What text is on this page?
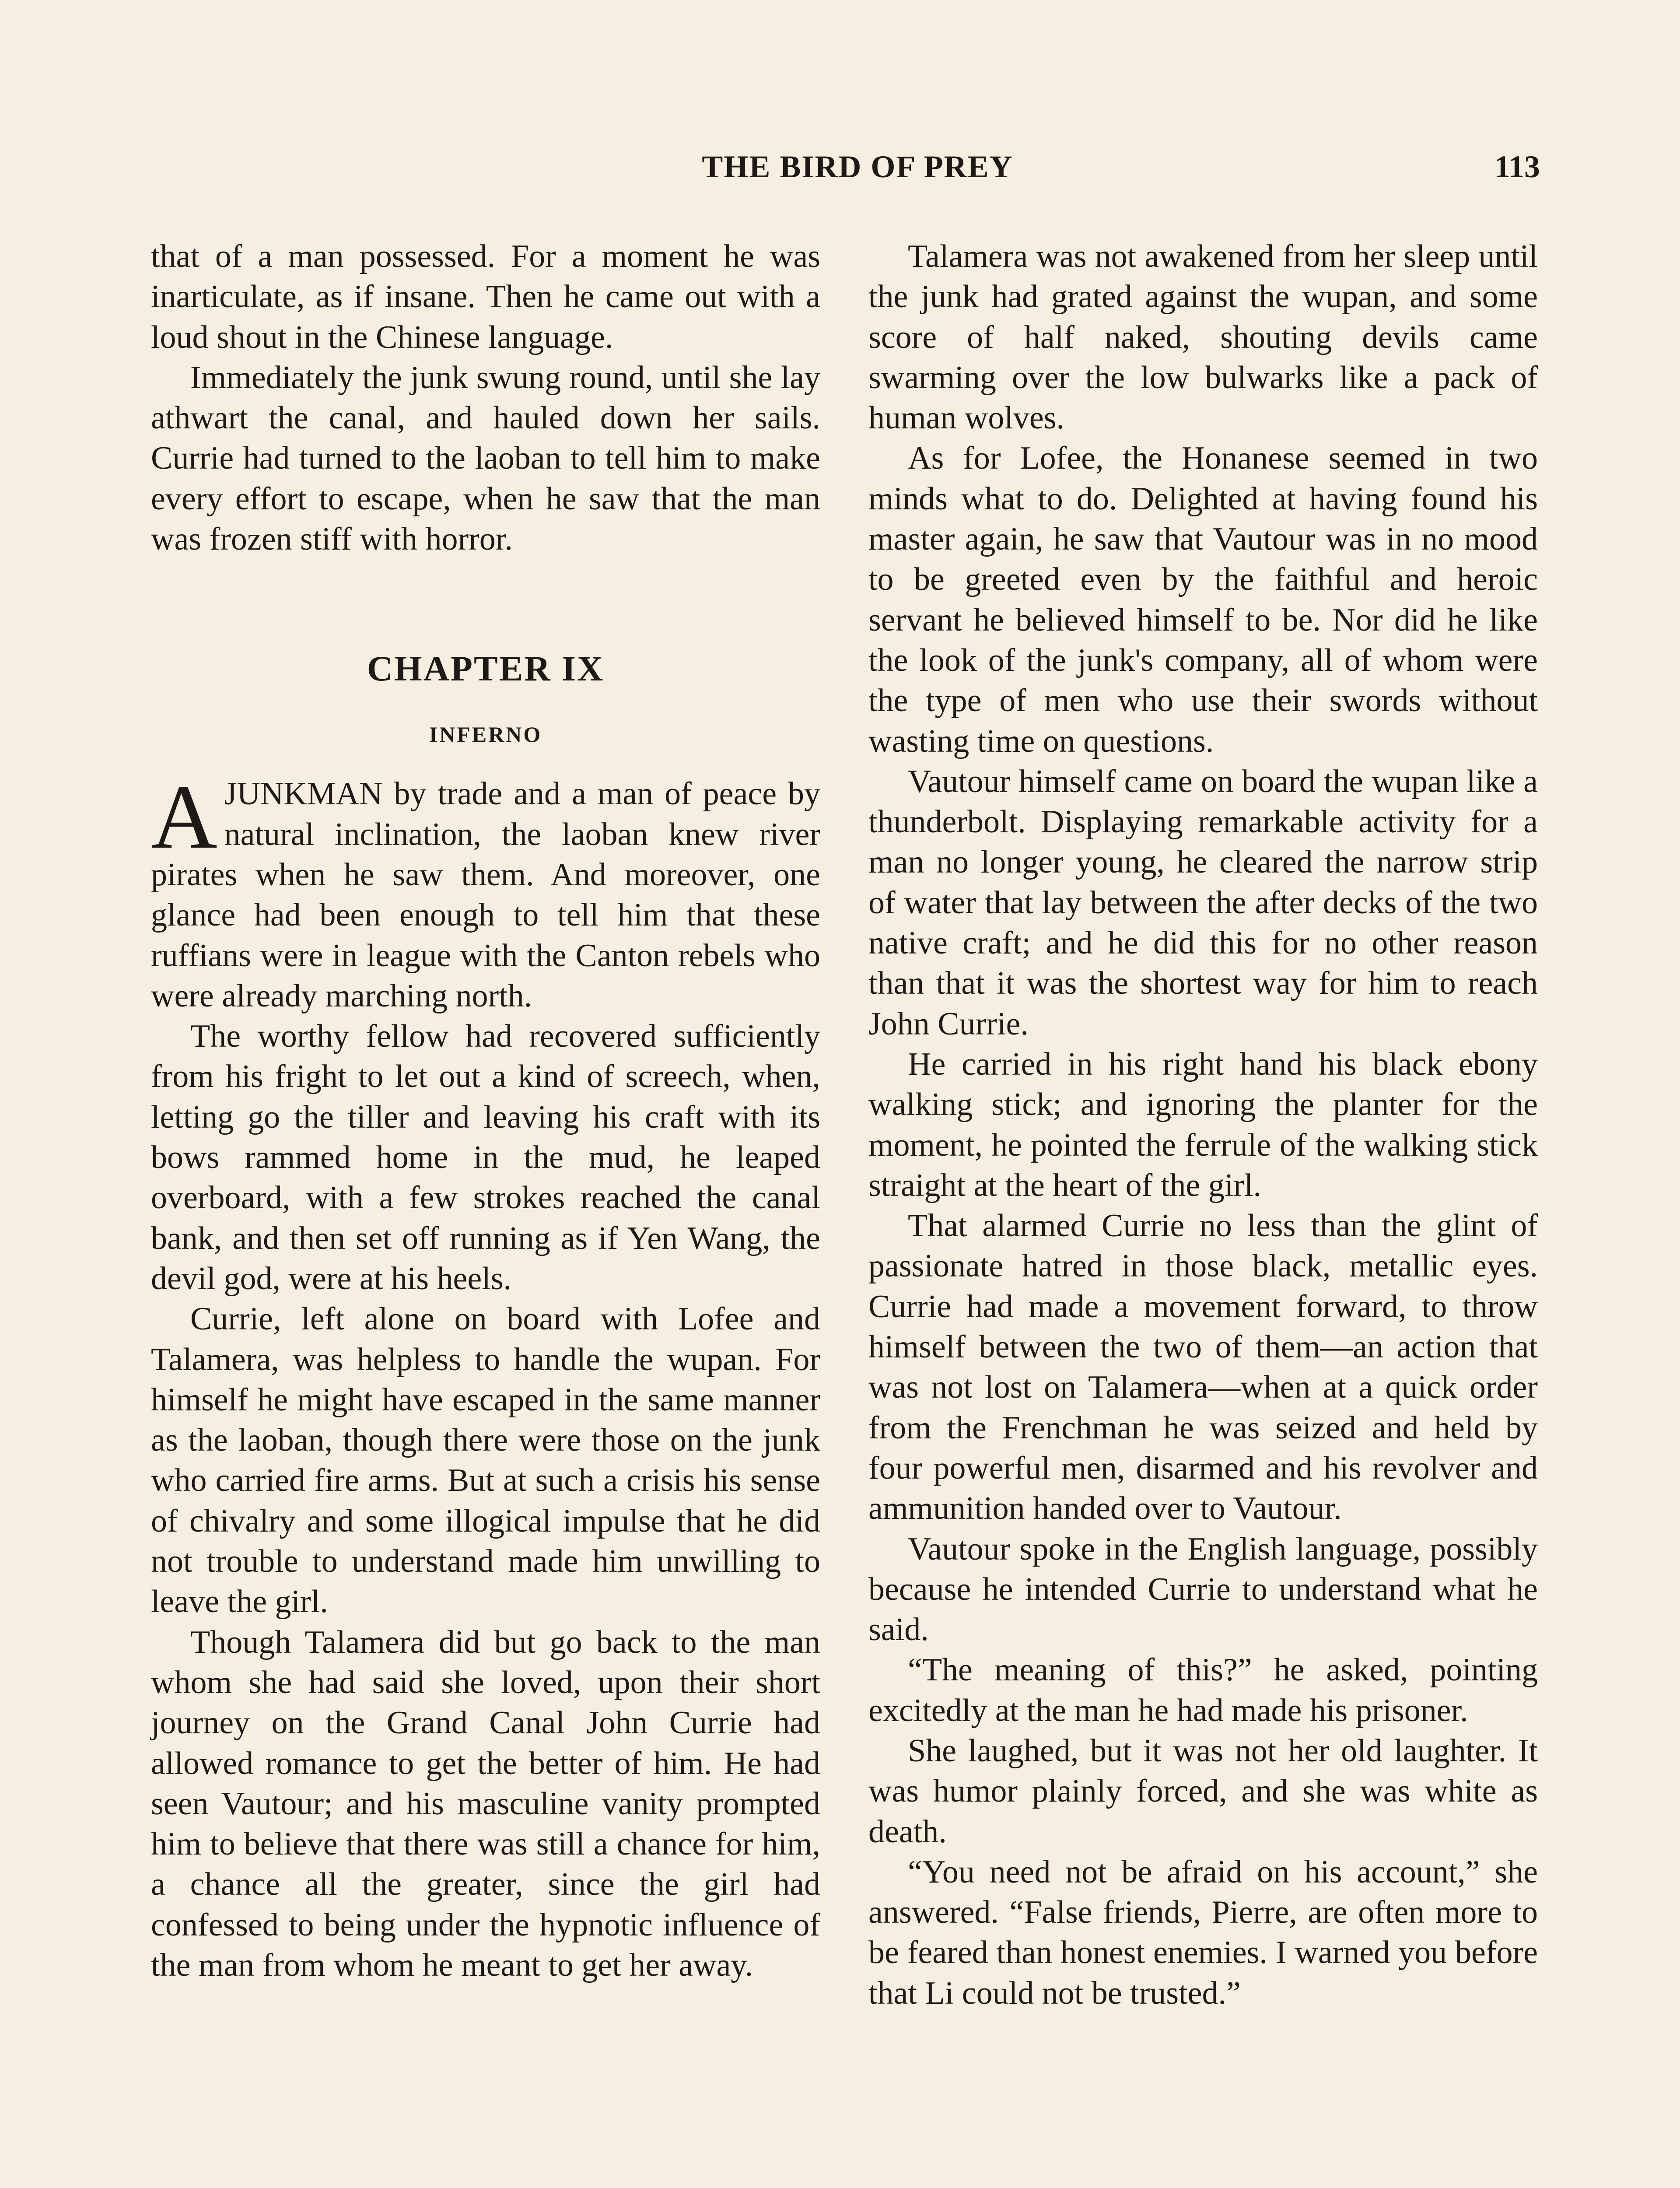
THE BIRD OF PREY	113

that of a man possessed. For a moment he was inarticulate, as if insane. Then he came out with a loud shout in the Chinese language.

Immediately the junk swung round, until she lay athwart the canal, and hauled down her sails. Currie had turned to the laoban to tell him to make every effort to escape, when he saw that the man was frozen stiff with horror.

CHAPTER IX
INFERNO

AJUNKMAN by trade and a man of peace by natural inclination, the laoban knew river pirates when he saw them. And moreover, one glance had been enough to tell him that these ruffians were in league with the Canton rebels who were already marching north.

The worthy fellow had recovered sufficiently from his fright to let out a kind of screech, when, letting go the tiller and leaving his craft with its bows rammed home in the mud, he leaped overboard, with a few strokes reached the canal bank, and then set off running as if Yen Wang, the devil god, were at his heels.

Currie, left alone on board with Lofee and Talamera, was helpless to handle the wupan. For himself he might have escaped in the same manner as the laoban, though there were those on the junk who carried fire arms. But at such a crisis his sense of chivalry and some illogical impulse that he did not trouble to understand made him unwilling to leave the girl.

Though Talamera did but go back to the man whom she had said she loved, upon their short journey on the Grand Canal John Currie had allowed romance to get the better of him. He had seen Vautour; and his masculine vanity prompted him to believe that there was still a chance for him, a chance all the greater, since the girl had confessed to being under the hypnotic influence of the man from whom he meant to get her away.

Talamera was not awakened from her sleep until the junk had grated against the wupan, and some score of half naked, shouting devils came swarming over the low bulwarks like a pack of human wolves.

As for Lofee, the Honanese seemed in two minds what to do. Delighted at having found his master again, he saw that Vautour was in no mood to be greeted even by the faithful and heroic servant he believed himself to be. Nor did he like the look of the junk's company, all of whom were the type of men who use their swords without wasting time on questions.

Vautour himself came on board the wupan like a thunderbolt. Displaying remarkable activity for a man no longer young, he cleared the narrow strip of water that lay between the after decks of the two native craft; and he did this for no other reason than that it was the shortest way for him to reach John Currie.

He carried in his right hand his black ebony walking stick; and ignoring the planter for the moment, he pointed the ferrule of the walking stick straight at the heart of the girl.

That alarmed Currie no less than the glint of passionate hatred in those black, metallic eyes. Currie had made a movement forward, to throw himself between the two of them—an action that was not lost on Talamera—when at a quick order from the Frenchman he was seized and held by four powerful men, disarmed and his revolver and ammunition handed over to Vautour.

Vautour spoke in the English language, possibly because he intended Currie to understand what he said.

“The meaning of this?” he asked, pointing excitedly at the man he had made his prisoner.

She laughed, but it was not her old laughter. It was humor plainly forced, and she was white as death.

“You need not be afraid on his account,” she answered. “False friends, Pierre, are often more to be feared than honest enemies. I warned you before that Li could not be trusted.”
